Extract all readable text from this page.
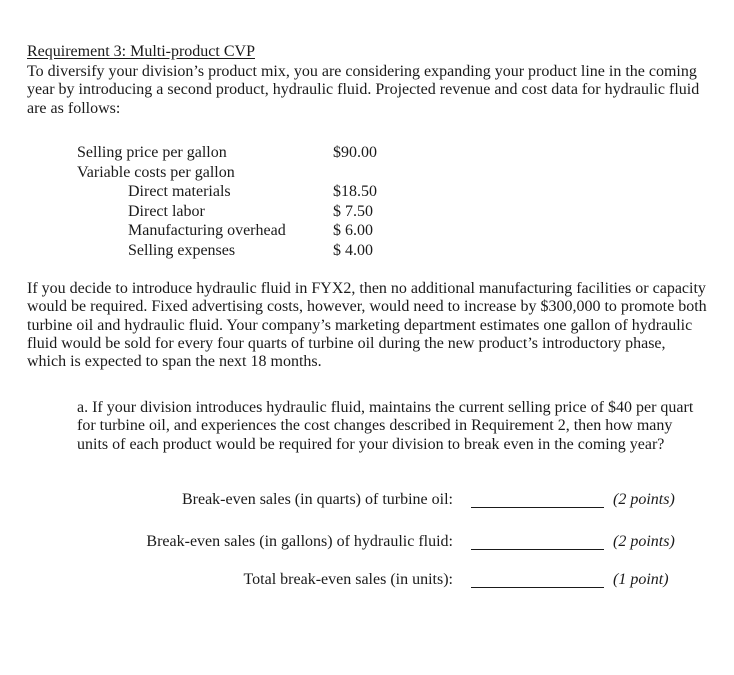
Requirement 3: Multi-product CVP

To diversify your division’s product mix, you are considering expanding your product line in the coming year by introducing a second product, hydraulic fluid. Projected revenue and cost data for hydraulic fluid are as follows:

Selling price per gallon	$90.00
Variable costs per gallon
Direct materials	$18.50
Direct labor	$ 7.50
Manufacturing overhead	$ 6.00
Selling expenses	$ 4.00

If you decide to introduce hydraulic fluid in FYX2, then no additional manufacturing facilities or capacity would be required. Fixed advertising costs, however, would need to increase by $300,000 to promote both turbine oil and hydraulic fluid. Your company’s marketing department estimates one gallon of hydraulic fluid would be sold for every four quarts of turbine oil during the new product’s introductory phase, which is expected to span the next 18 months.

a. If your division introduces hydraulic fluid, maintains the current selling price of $40 per quart for turbine oil, and experiences the cost changes described in Requirement 2, then how many units of each product would be required for your division to break even in the coming year?

Break-even sales (in quarts) of turbine oil:	(2 points)
Break-even sales (in gallons) of hydraulic fluid:	(2 points)
Total break-even sales (in units):	(1 point)
